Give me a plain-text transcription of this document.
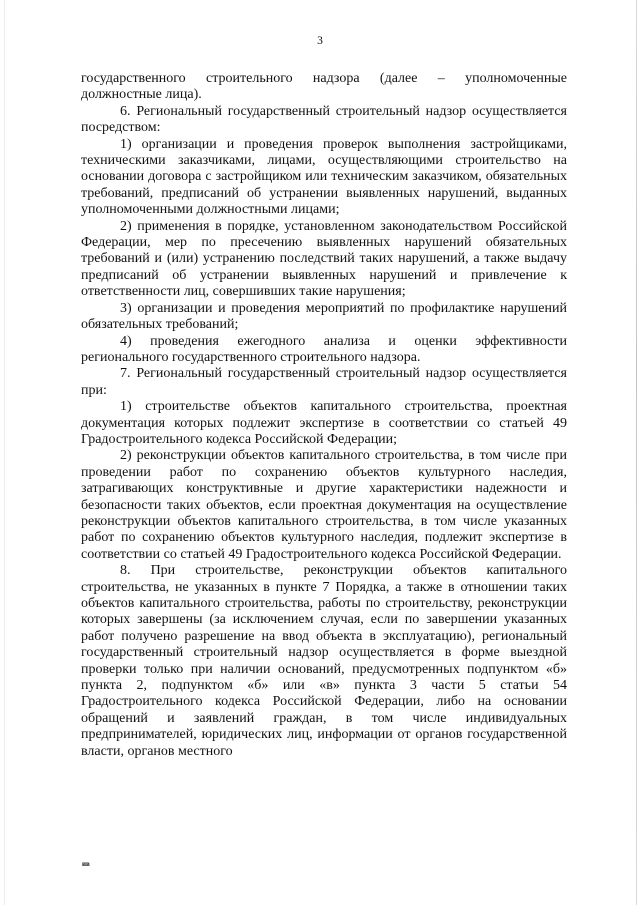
3

государственного строительного надзора (далее – уполномоченные должностные лица).

6. Региональный государственный строительный надзор осуществляется посредством:

1) организации и проведения проверок выполнения застройщиками, техническими заказчиками, лицами, осуществляющими строительство на основании договора с застройщиком или техническим заказчиком, обязательных требований, предписаний об устранении выявленных нарушений, выданных уполномоченными должностными лицами;

2) применения в порядке, установленном законодательством Российской Федерации, мер по пресечению выявленных нарушений обязательных требований и (или) устранению последствий таких нарушений, а также выдачу предписаний об устранении выявленных нарушений и привлечение к ответственности лиц, совершивших такие нарушения;

3) организации и проведения мероприятий по профилактике нарушений обязательных требований;

4) проведения ежегодного анализа и оценки эффективности регионального государственного строительного надзора.

7. Региональный государственный строительный надзор осуществляется при:

1) строительстве объектов капитального строительства, проектная документация которых подлежит экспертизе в соответствии со статьей 49 Градостроительного кодекса Российской Федерации;

2) реконструкции объектов капитального строительства, в том числе при проведении работ по сохранению объектов культурного наследия, затрагивающих конструктивные и другие характеристики надежности и безопасности таких объектов, если проектная документация на осуществление реконструкции объектов капитального строительства, в том числе указанных работ по сохранению объектов культурного наследия, подлежит экспертизе в соответствии со статьей 49 Градостроительного кодекса Российской Федерации.

8. При строительстве, реконструкции объектов капитального строительства, не указанных в пункте 7 Порядка, а также в отношении таких объектов капитального строительства, работы по строительству, реконструкции которых завершены (за исключением случая, если по завершении указанных работ получено разрешение на ввод объекта в эксплуатацию), региональный государственный строительный надзор осуществляется в форме выездной проверки только при наличии оснований, предусмотренных подпунктом «б» пункта 2, подпунктом «б» или «в» пункта 3 части 5 статьи 54 Градостроительного кодекса Российской Федерации, либо на основании обращений и заявлений граждан, в том числе индивидуальных предпринимателей, юридических лиц, информации от органов государственной власти, органов местного

ив
